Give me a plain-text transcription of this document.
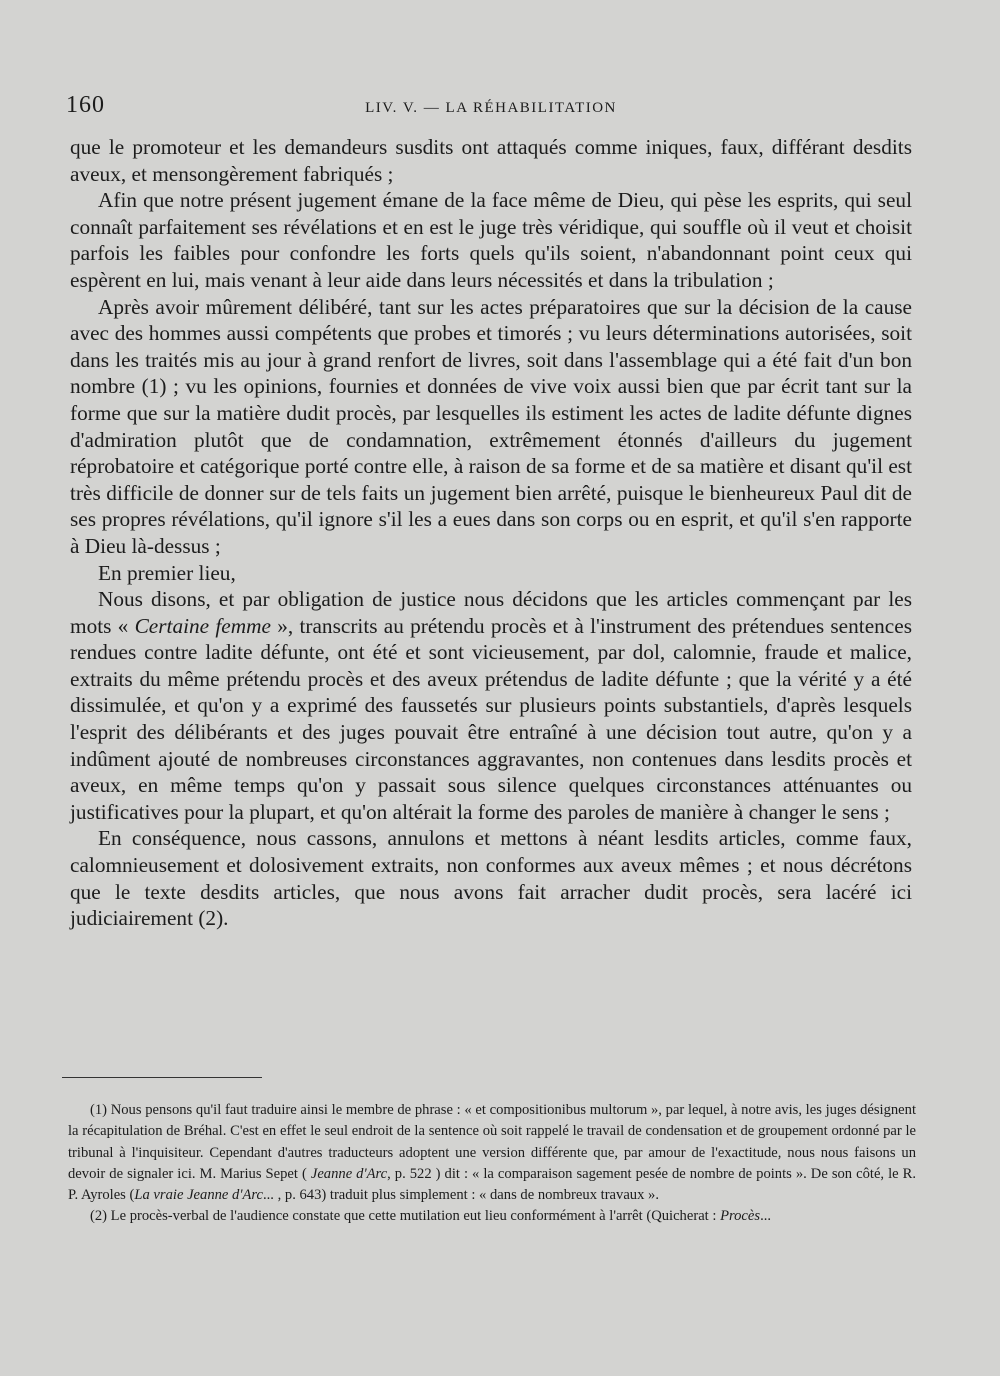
160	LIV. V. — LA RÉHABILITATION

que le promoteur et les demandeurs susdits ont attaqués comme iniques, faux, différant desdits aveux, et mensongèrement fabriqués ;

Afin que notre présent jugement émane de la face même de Dieu, qui pèse les esprits, qui seul connaît parfaitement ses révélations et en est le juge très véridique, qui souffle où il veut et choisit parfois les faibles pour confondre les forts quels qu'ils soient, n'abandonnant point ceux qui espèrent en lui, mais venant à leur aide dans leurs nécessités et dans la tribulation ;

Après avoir mûrement délibéré, tant sur les actes préparatoires que sur la décision de la cause avec des hommes aussi compétents que probes et timorés ; vu leurs déterminations autorisées, soit dans les traités mis au jour à grand renfort de livres, soit dans l'assemblage qui a été fait d'un bon nombre (1) ; vu les opinions, fournies et données de vive voix aussi bien que par écrit tant sur la forme que sur la matière dudit procès, par lesquelles ils estiment les actes de ladite défunte dignes d'admiration plutôt que de condamnation, extrêmement étonnés d'ailleurs du jugement réprobatoire et catégorique porté contre elle, à raison de sa forme et de sa matière et disant qu'il est très difficile de donner sur de tels faits un jugement bien arrêté, puisque le bienheureux Paul dit de ses propres révélations, qu'il ignore s'il les a eues dans son corps ou en esprit, et qu'il s'en rapporte à Dieu là-dessus ;

En premier lieu,

Nous disons, et par obligation de justice nous décidons que les articles commençant par les mots « Certaine femme », transcrits au prétendu procès et à l'instrument des prétendues sentences rendues contre ladite défunte, ont été et sont vicieusement, par dol, calomnie, fraude et malice, extraits du même prétendu procès et des aveux prétendus de ladite défunte ; que la vérité y a été dissimulée, et qu'on y a exprimé des faussetés sur plusieurs points substantiels, d'après lesquels l'esprit des délibérants et des juges pouvait être entraîné à une décision tout autre, qu'on y a indûment ajouté de nombreuses circonstances aggravantes, non contenues dans lesdits procès et aveux, en même temps qu'on y passait sous silence quelques circonstances atténuantes ou justificatives pour la plupart, et qu'on altérait la forme des paroles de manière à changer le sens ;

En conséquence, nous cassons, annulons et mettons à néant lesdits articles, comme faux, calomnieusement et dolosivement extraits, non conformes aux aveux mêmes ; et nous décrétons que le texte desdits articles, que nous avons fait arracher dudit procès, sera lacéré ici judiciairement (2).

(1) Nous pensons qu'il faut traduire ainsi le membre de phrase : « et compositionibus multorum », par lequel, à notre avis, les juges désignent la récapitulation de Bréhal. C'est en effet le seul endroit de la sentence où soit rappelé le travail de condensation et de groupement ordonné par le tribunal à l'inquisiteur. Cependant d'autres traducteurs adoptent une version différente que, par amour de l'exactitude, nous nous faisons un devoir de signaler ici. M. Marius Sepet ( Jeanne d'Arc, p. 522 ) dit : « la comparaison sagement pesée de nombre de points ». De son côté, le R. P. Ayroles (La vraie Jeanne d'Arc... , p. 643) traduit plus simplement : « dans de nombreux travaux ».

(2) Le procès-verbal de l'audience constate que cette mutilation eut lieu conformément à l'arrêt (Quicherat : Procès...
